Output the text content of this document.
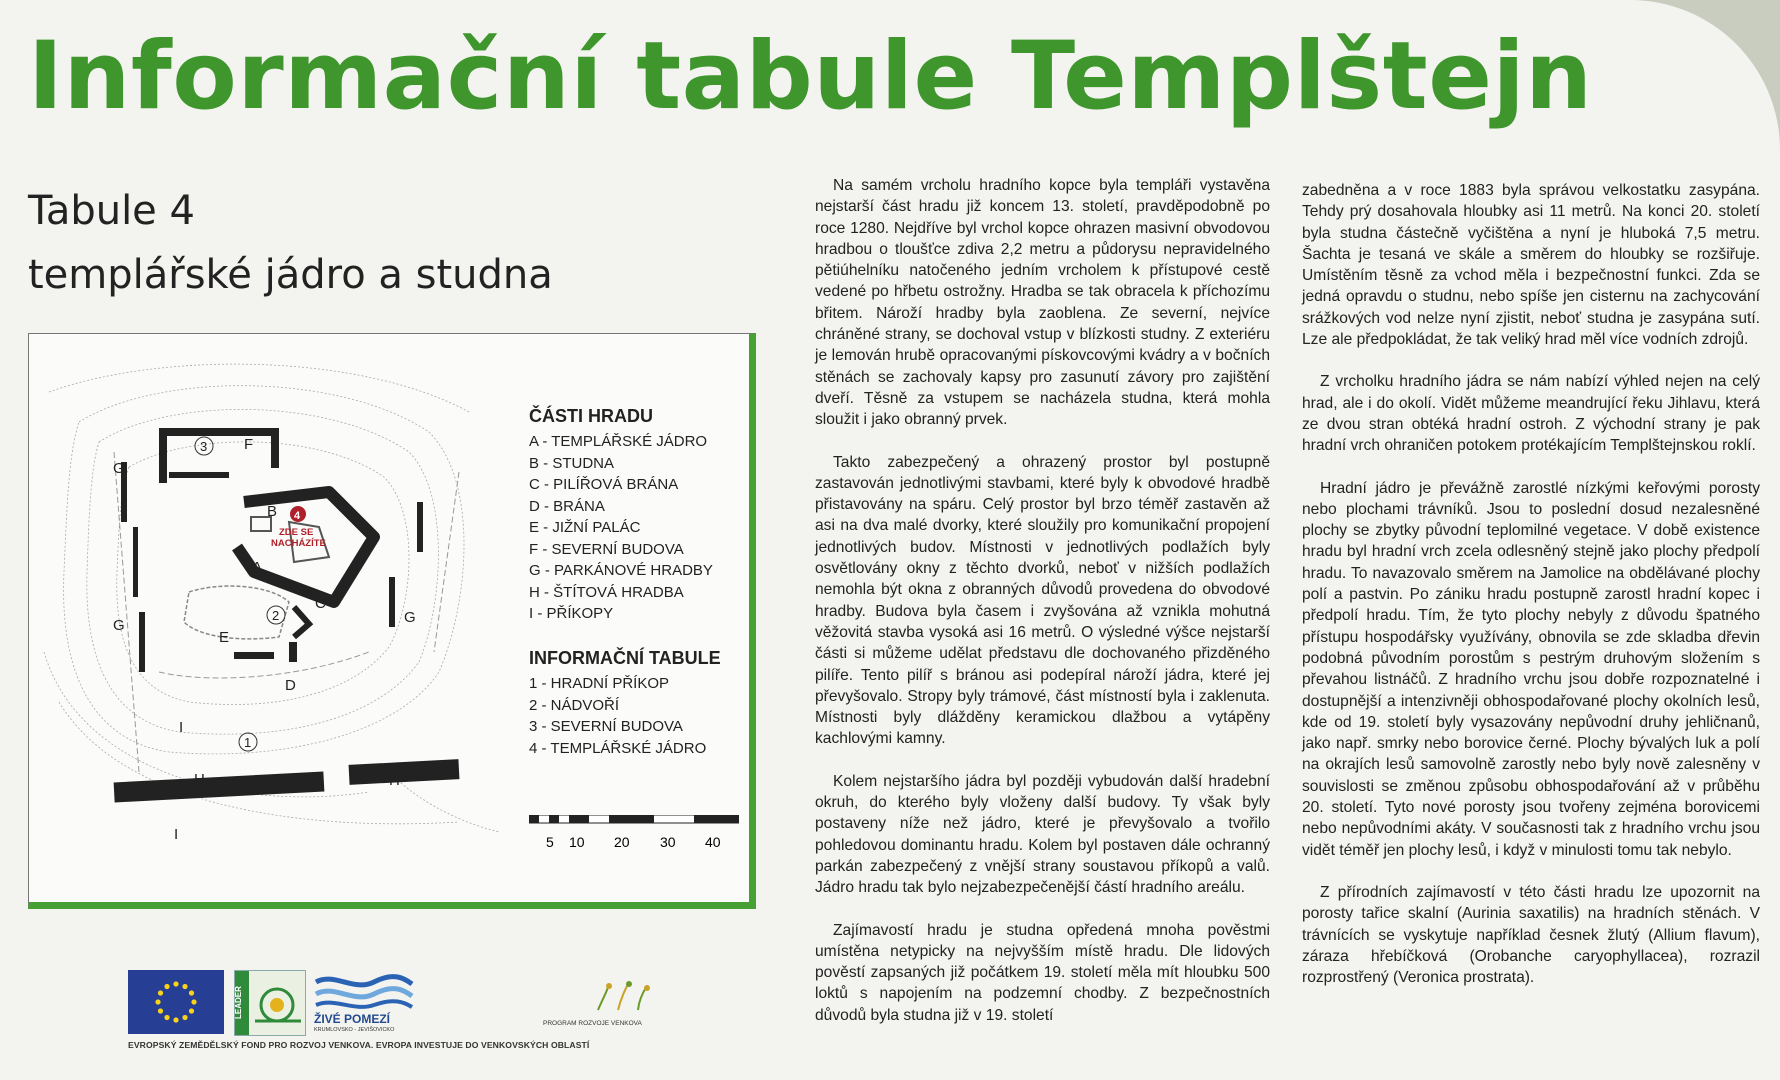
Informační tabule Templštejn
Tabule 4
templářské jádro a studna
4
ZDE SE
NACHÁZÍTE
A
B
C
D
E
F
G
G	G
H	H
I
I
3
2
1
ČÁSTI HRADU
A - TEMPLÁŘSKÉ JÁDRO
B - STUDNA
C - PILÍŘOVÁ BRÁNA
D - BRÁNA
E - JIŽNÍ PALÁC
F - SEVERNÍ BUDOVA
G - PARKÁNOVÉ HRADBY
H - ŠTÍTOVÁ HRADBA
I - PŘÍKOPY
INFORMAČNÍ TABULE
1 - HRADNÍ PŘÍKOP
2 - NÁDVOŘÍ
3 - SEVERNÍ BUDOVA
4 - TEMPLÁŘSKÉ JÁDRO
5 10 20 30 40

Na samém vrcholu hradního kopce byla templáři vystavěna nejstarší část hradu již koncem 13. století, pravděpodobně po roce 1280. Nejdříve byl vrchol kopce ohrazen masivní obvodovou hradbou o tloušťce zdiva 2,2 metru a půdorysu nepravidelného pětiúhelníku natočeného jedním vrcholem k přístupové cestě vedené po hřbetu ostrožny. Hradba se tak obracela k příchozímu břitem. Nároží hradby byla zaoblena. Ze severní, nejvíce chráněné strany, se dochoval vstup v blízkosti studny. Z exteriéru je lemován hrubě opracovanými pískovcovými kvádry a v bočních stěnách se zachovaly kapsy pro zasunutí závory pro zajištění dveří. Těsně za vstupem se nacházela studna, která mohla sloužit i jako obranný prvek.

Takto zabezpečený a ohrazený prostor byl postupně zastavován jednotlivými stavbami, které byly k obvodové hradbě přistavovány na spáru. Celý prostor byl brzo téměř zastavěn až asi na dva malé dvorky, které sloužily pro komunikační propojení jednotlivých budov. Místnosti v jednotlivých podlažích byly osvětlovány okny z těchto dvorků, neboť v nižších podlažích nemohla být okna z obranných důvodů provedena do obvodové hradby. Budova byla časem i zvyšována až vznikla mohutná věžovitá stavba vysoká asi 16 metrů. O výsledné výšce nejstarší části si můžeme udělat představu dle dochovaného přizděného pilíře. Tento pilíř s bránou asi podepíral nároží jádra, které jej převyšovalo. Stropy byly trámové, část místností byla i zaklenuta. Místnosti byly dlážděny keramickou dlažbou a vytápěny kachlovými kamny.

Kolem nejstaršího jádra byl později vybudován další hradební okruh, do kterého byly vloženy další budovy. Ty však byly postaveny níže než jádro, které je převyšovalo a tvořilo pohledovou dominantu hradu. Kolem byl postaven dále ochranný parkán zabezpečený z vnější strany soustavou příkopů a valů. Jádro hradu tak bylo nejzabezpečenější částí hradního areálu.

Zajímavostí hradu je studna opředená mnoha pověstmi umístěna netypicky na nejvyšším místě hradu. Dle lidových pověstí zapsaných již počátkem 19. století měla mít hloubku 500 loktů s napojením na podzemní chodby. Z bezpečnostních důvodů byla studna již v 19. století

zabedněna a v roce 1883 byla správou velkostatku zasypána. Tehdy prý dosahovala hloubky asi 11 metrů. Na konci 20. století byla studna částečně vyčištěna a nyní je hluboká 7,5 metru. Šachta je tesaná ve skále a směrem do hloubky se rozšiřuje. Umístěním těsně za vchod měla i bezpečnostní funkci. Zda se jedná opravdu o studnu, nebo spíše jen cisternu na zachycování srážkových vod nelze nyní zjistit, neboť studna je zasypána sutí. Lze ale předpokládat, že tak veliký hrad měl více vodních zdrojů.

Z vrcholku hradního jádra se nám nabízí výhled nejen na celý hrad, ale i do okolí. Vidět můžeme meandrující řeku Jihlavu, která ze dvou stran obtéká hradní ostroh. Z východní strany je pak hradní vrch ohraničen potokem protékajícím Templštejnskou roklí.

Hradní jádro je převážně zarostlé nízkými keřovými porosty nebo plochami trávníků. Jsou to poslední dosud nezalesněné plochy se zbytky původní teplomilné vegetace. V době existence hradu byl hradní vrch zcela odlesněný stejně jako plochy předpolí hradu. To navazovalo směrem na Jamolice na obdělávané plochy polí a pastvin. Po zániku hradu postupně zarostl hradní kopec i předpolí hradu. Tím, že tyto plochy nebyly z důvodu špatného přístupu hospodářsky využívány, obnovila se zde skladba dřevin podobná původním porostům s pestrým druhovým složením s převahou listnáčů. Z hradního vrchu jsou dobře rozpoznatelné i dostupnější a intenzivněji obhospodařované plochy okolních lesů, kde od 19. století byly vysazovány nepůvodní druhy jehličnanů, jako např. smrky nebo borovice černé. Plochy bývalých luk a polí na okrajích lesů samovolně zarostly nebo byly nově zalesněny v souvislosti se změnou způsobu obhospodařování až v průběhu 20. století. Tyto nové porosty jsou tvořeny zejména borovicemi nebo nepůvodními akáty. V současnosti tak z hradního vrchu jsou vidět téměř jen plochy lesů, i když v minulosti tomu tak nebylo.

Z přírodních zajímavostí v této části hradu lze upozornit na porosty tařice skalní (Aurinia saxatilis) na hradních stěnách. V trávnících se vyskytuje například česnek žlutý (Allium flavum), záraza hřebíčková (Orobanche caryophyllacea), rozrazil rozprostřený (Veronica prostrata).

LEADER	ŽIVÉ POMEZÍ
KRUMLOVSKO - JEVIŠOVICKO
PROGRAM ROZVOJE VENKOVA
EVROPSKÝ ZEMĚDĚLSKÝ FOND PRO ROZVOJ VENKOVA. EVROPA INVESTUJE DO VENKOVSKÝCH OBLASTÍ
